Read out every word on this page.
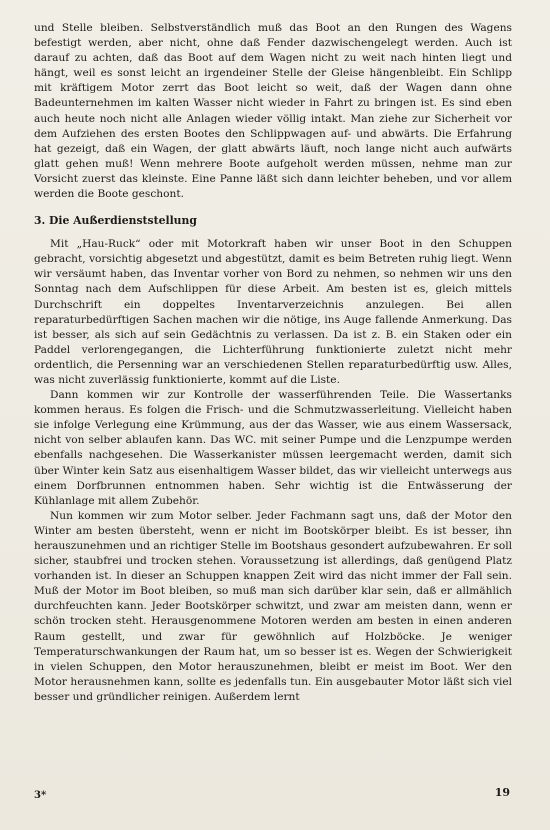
und Stelle bleiben. Selbstverständlich muß das Boot an den Rungen des Wagens befestigt werden, aber nicht, ohne daß Fender dazwischengelegt werden. Auch ist darauf zu achten, daß das Boot auf dem Wagen nicht zu weit nach hinten liegt und hängt, weil es sonst leicht an irgendeiner Stelle der Gleise hängenbleibt. Ein Schlipp mit kräftigem Motor zerrt das Boot leicht so weit, daß der Wagen dann ohne Badeunternehmen im kalten Wasser nicht wieder in Fahrt zu bringen ist. Es sind eben auch heute noch nicht alle Anlagen wieder völlig intakt. Man ziehe zur Sicherheit vor dem Aufziehen des ersten Bootes den Schlippwagen auf- und abwärts. Die Erfahrung hat gezeigt, daß ein Wagen, der glatt abwärts läuft, noch lange nicht auch aufwärts glatt gehen muß! Wenn mehrere Boote aufgeholt werden müssen, nehme man zur Vorsicht zuerst das kleinste. Eine Panne läßt sich dann leichter beheben, und vor allem werden die Boote geschont.

3. Die Außerdienststellung

Mit „Hau-Ruck“ oder mit Motorkraft haben wir unser Boot in den Schuppen gebracht, vorsichtig abgesetzt und abgestützt, damit es beim Betreten ruhig liegt. Wenn wir versäumt haben, das Inventar vorher von Bord zu nehmen, so nehmen wir uns den Sonntag nach dem Aufschlippen für diese Arbeit. Am besten ist es, gleich mittels Durchschrift ein doppeltes Inventarverzeichnis anzulegen. Bei allen reparaturbedürftigen Sachen machen wir die nötige, ins Auge fallende Anmerkung. Das ist besser, als sich auf sein Gedächtnis zu verlassen. Da ist z. B. ein Staken oder ein Paddel verlorengegangen, die Lichterführung funktionierte zuletzt nicht mehr ordentlich, die Persenning war an verschiedenen Stellen reparaturbedürftig usw. Alles, was nicht zuverlässig funktionierte, kommt auf die Liste.

Dann kommen wir zur Kontrolle der wasserführenden Teile. Die Wassertanks kommen heraus. Es folgen die Frisch- und die Schmutzwasserleitung. Vielleicht haben sie infolge Verlegung eine Krümmung, aus der das Wasser, wie aus einem Wassersack, nicht von selber ablaufen kann. Das WC. mit seiner Pumpe und die Lenzpumpe werden ebenfalls nachgesehen. Die Wasserkanister müssen leergemacht werden, damit sich über Winter kein Satz aus eisenhaltigem Wasser bildet, das wir vielleicht unterwegs aus einem Dorfbrunnen entnommen haben. Sehr wichtig ist die Entwässerung der Kühlanlage mit allem Zubehör.

Nun kommen wir zum Motor selber. Jeder Fachmann sagt uns, daß der Motor den Winter am besten übersteht, wenn er nicht im Bootskörper bleibt. Es ist besser, ihn herauszunehmen und an richtiger Stelle im Bootshaus gesondert aufzubewahren. Er soll sicher, staubfrei und trocken stehen. Voraussetzung ist allerdings, daß genügend Platz vorhanden ist. In dieser an Schuppen knappen Zeit wird das nicht immer der Fall sein. Muß der Motor im Boot bleiben, so muß man sich darüber klar sein, daß er allmählich durchfeuchten kann. Jeder Bootskörper schwitzt, und zwar am meisten dann, wenn er schön trocken steht. Herausgenommene Motoren werden am besten in einen anderen Raum gestellt, und zwar für gewöhnlich auf Holzböcke. Je weniger Temperaturschwankungen der Raum hat, um so besser ist es. Wegen der Schwierigkeit in vielen Schuppen, den Motor herauszunehmen, bleibt er meist im Boot. Wer den Motor herausnehmen kann, sollte es jedenfalls tun. Ein ausgebauter Motor läßt sich viel besser und gründlicher reinigen. Außerdem lernt

3*	19
